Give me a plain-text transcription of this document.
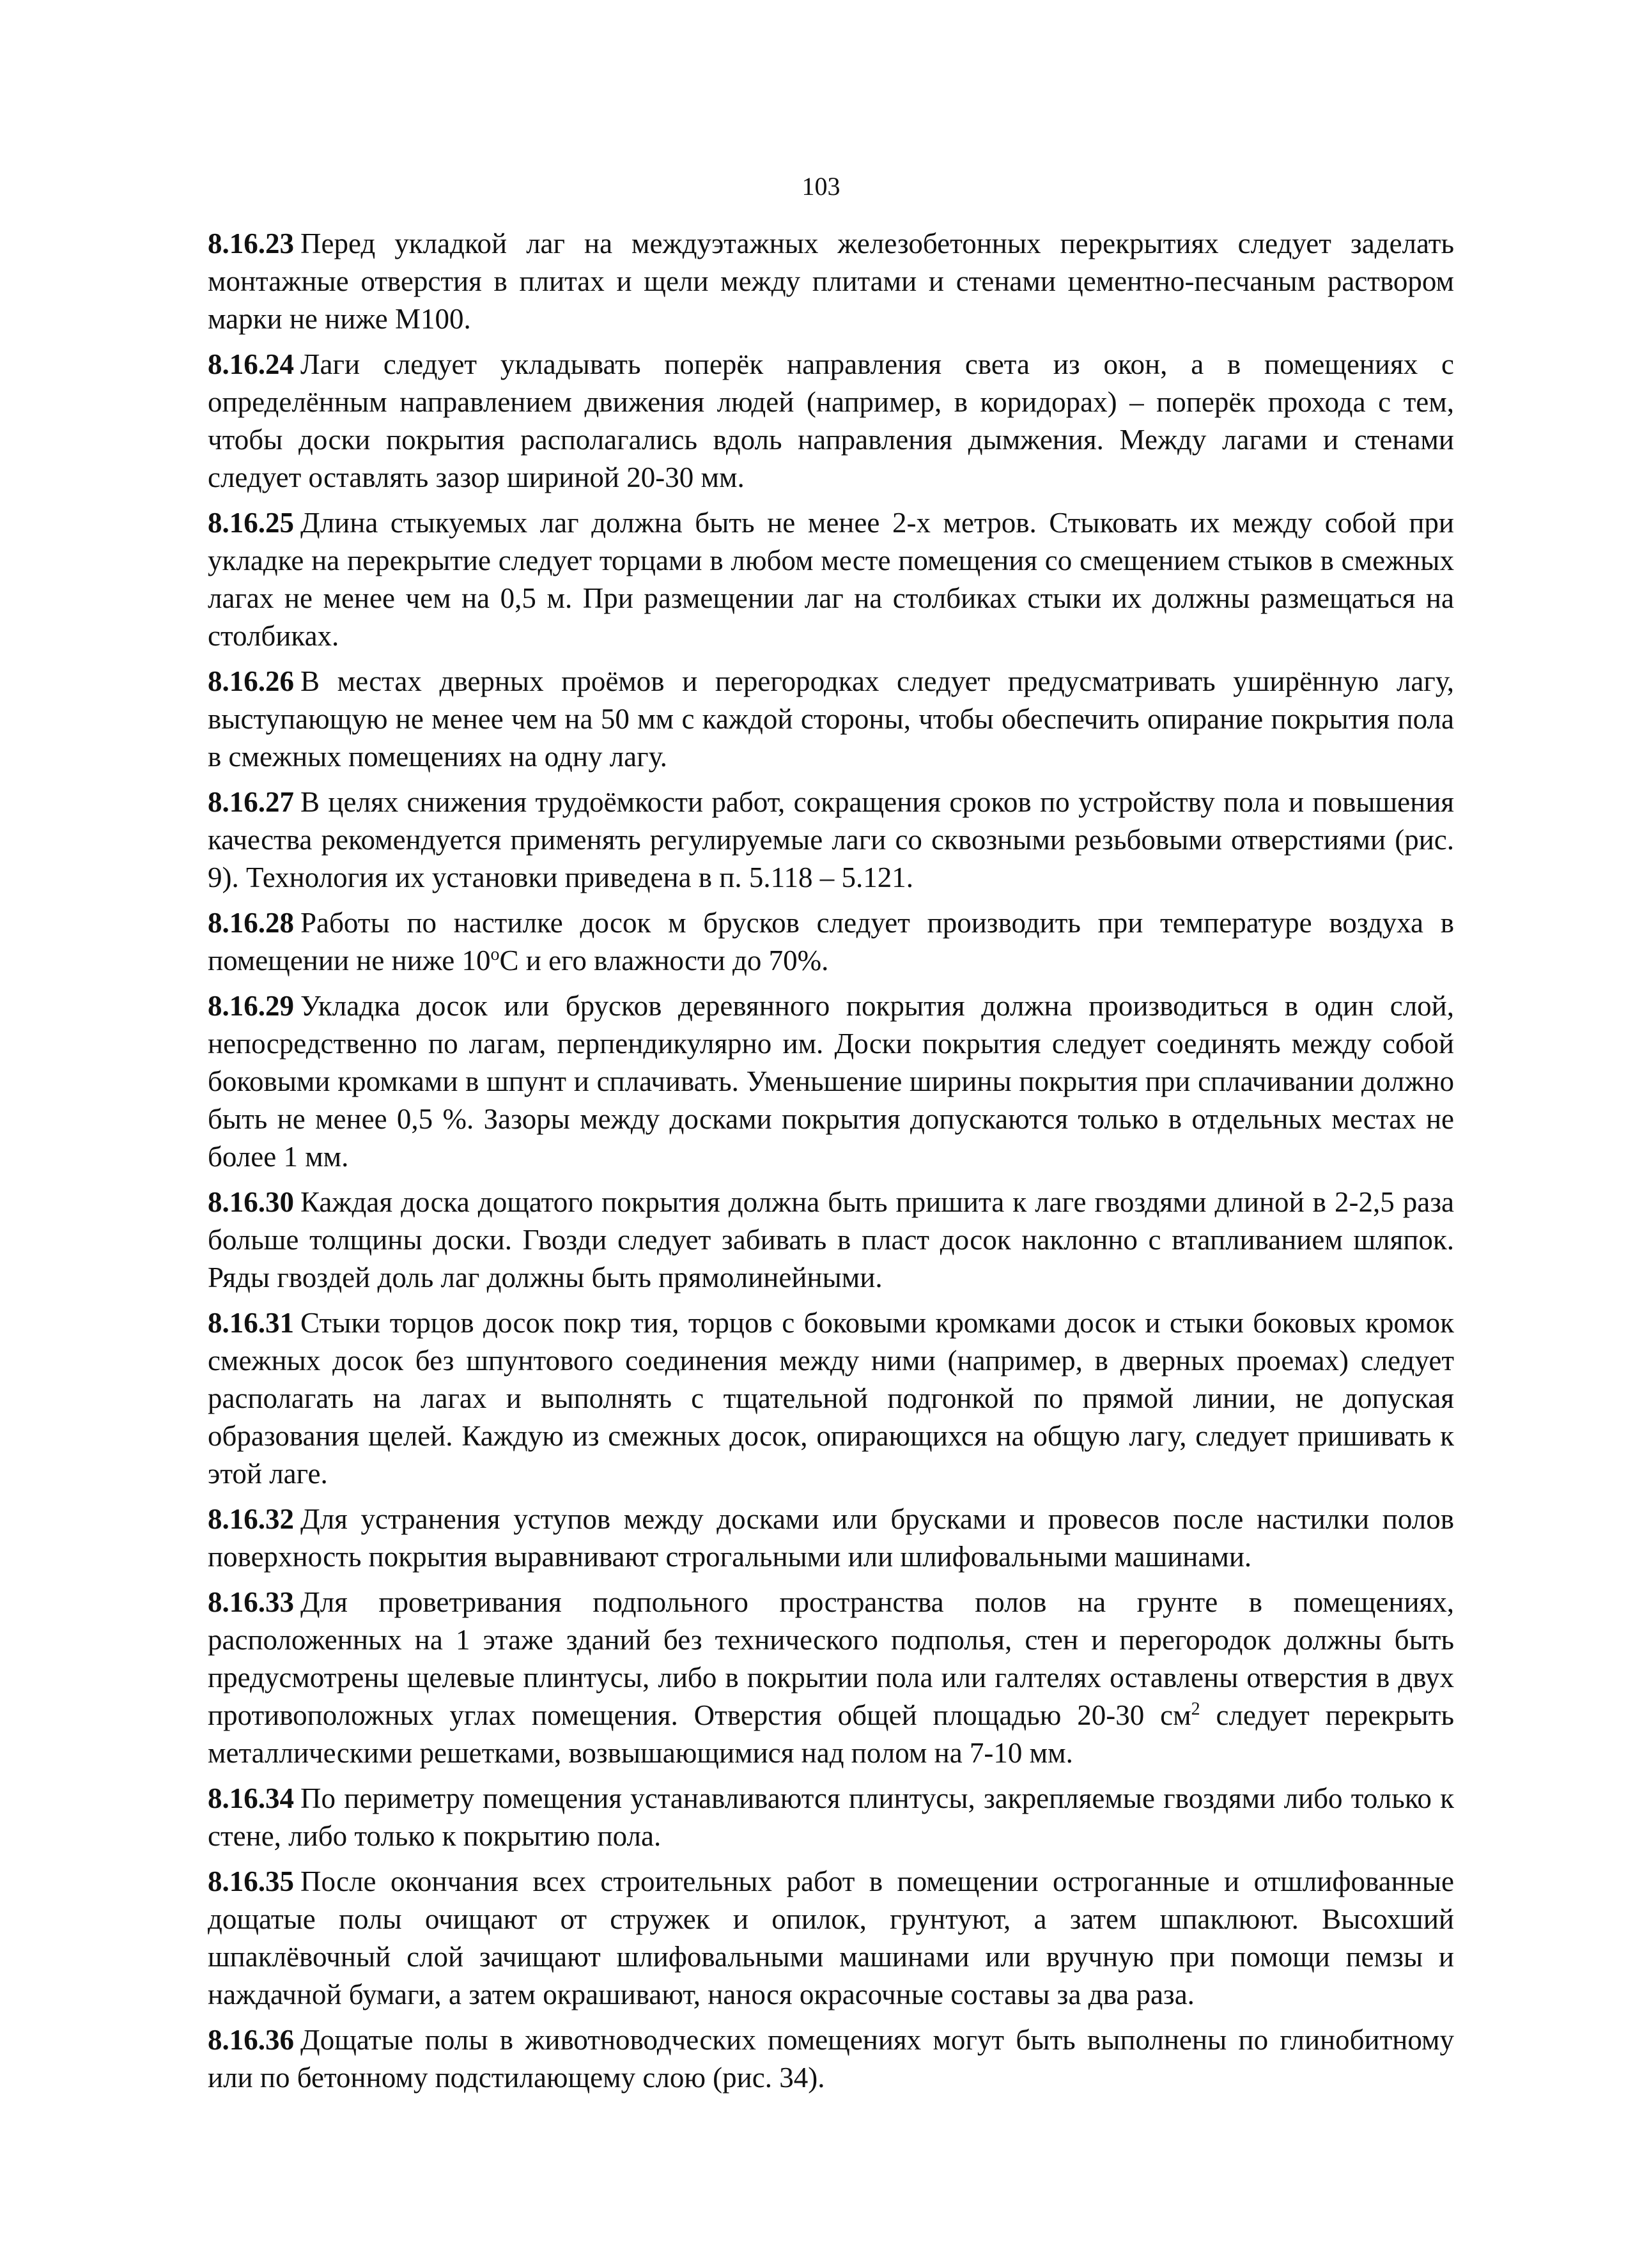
103

8.16.23 Перед укладкой лаг на междуэтажных железобетонных перекрытиях следует заделать монтажные отверстия в плитах и щели между плитами и стенами цементно-песчаным раствором марки не ниже М100.

8.16.24 Лаги следует укладывать поперёк направления света из окон, а в помещениях с определённым направлением движения людей (например, в коридорах) – поперёк прохода с тем, чтобы доски покрытия располагались вдоль направления дымжения. Между лагами и стенами следует оставлять зазор шириной 20-30 мм.

8.16.25 Длина стыкуемых лаг должна быть не менее 2-х метров. Стыковать их между собой при укладке на перекрытие следует торцами в любом месте помещения со смещением стыков в смежных лагах не менее чем на 0,5 м. При размещении лаг на столбиках стыки их должны размещаться на столбиках.

8.16.26 В местах дверных проёмов и перегородках следует предусматривать уширённую лагу, выступающую не менее чем на 50 мм с каждой стороны, чтобы обеспечить опирание покрытия пола в смежных помещениях на одну лагу.

8.16.27 В целях снижения трудоёмкости работ, сокращения сроков по устройству пола и повышения качества рекомендуется применять регулируемые лаги со сквозными резьбовыми отверстиями (рис. 9). Технология их установки приведена в п. 5.118 – 5.121.

8.16.28 Работы по настилке досок м брусков следует производить при температуре воздуха в помещении не ниже $10^оС$ и его влажности до 70%.

8.16.29 Укладка досок или брусков деревянного покрытия должна производиться в один слой, непосредственно по лагам, перпендикулярно им. Доски покрытия следует соединять между собой боковыми кромками в шпунт и сплачивать. Уменьшение ширины покрытия при сплачивании должно быть не менее 0,5 %. Зазоры между досками покрытия допускаются только в отдельных местах не более 1 мм.

8.16.30 Каждая доска дощатого покрытия должна быть пришита к лаге гвоздями длиной в 2-2,5 раза больше толщины доски. Гвозди следует забивать в пласт досок наклонно с втапливанием шляпок. Ряды гвоздей доль лаг должны быть прямолинейными.

8.16.31 Стыки торцов досок покр тия, торцов с боковыми кромками досок и стыки боковых кромок смежных досок без шпунтового соединения между ними (например, в дверных проемах) следует располагать на лагах и выполнять с тщательной подгонкой по прямой линии, не допуская образования щелей. Каждую из смежных досок, опирающихся на общую лагу, следует пришивать к этой лаге.

8.16.32 Для устранения уступов между досками или брусками и провесов после настилки полов поверхность покрытия выравнивают строгальными или шлифовальными машинами.

8.16.33 Для проветривания подпольного пространства полов на грунте в помещениях, расположенных на 1 этаже зданий без технического подполья, стен и перегородок должны быть предусмотрены щелевые плинтусы, либо в покрытии пола или галтелях оставлены отверстия в двух противоположных углах помещения. Отверстия общей площадью 20-30 $см^2$ следует перекрыть металлическими решетками, возвышающимися над полом на 7-10 мм.

8.16.34 По периметру помещения устанавливаются плинтусы, закрепляемые гвоздями либо только к стене, либо только к покрытию пола.

8.16.35 После окончания всех строительных работ в помещении остроганные и отшлифованные дощатые полы очищают от стружек и опилок, грунтуют, а затем шпаклюют. Высохший шпаклёвочный слой зачищают шлифовальными машинами или вручную при помощи пемзы и наждачной бумаги, а затем окрашивают, нанося окрасочные составы за два раза.

8.16.36 Дощатые полы в животноводческих помещениях могут быть выполнены по глинобитному или по бетонному подстилающему слою (рис. 34).
